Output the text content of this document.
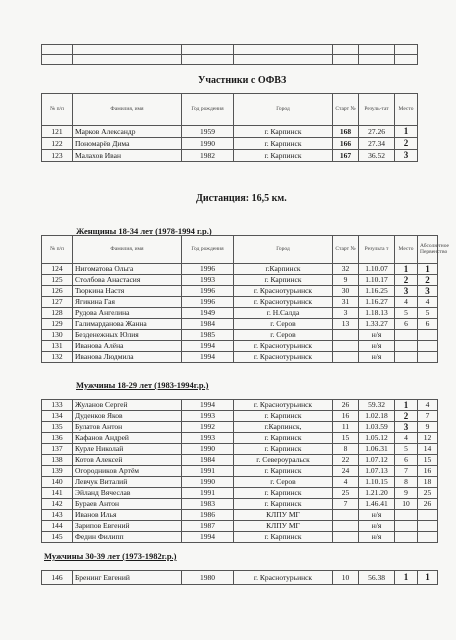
Участники с ОФВЗ
№ п/п	Фамилия, имя	Год рождения	Город	Старт №	Резуль-тат	Место
121	Марков Александр	1959	г. Карпинск	168	27.26	1
122	Пономарёв Дима	1990	г. Карпинск	166	27.34	2
123	Малахов Иван	1982	г. Карпинск	167	36.52	3
Дистанция: 16,5 км.
Женщины 18-34 лет (1978-1994 г.р.)
№ п/п	Фамилия, имя	Год рождения	Город	Старт №	Результа т	Место	Абсолютное Первенство
124	Нигоматова Ольга	1996	г.Карпинск	32	1.10.07	1	1
125	Столбова Анастасия	1993	г. Карпинск	9	1.10.17	2	2
126	Тюркина Настя	1996	г. Краснотурьинск	30	1.16.25	3	3
127	Ягикина Гая	1996	г. Краснотурьинск	31	1.16.27	4	4
128	Рудова Ангелина	1949	г. Н.Салда	3	1.18.13	5	5
129	Галимарданова Жанна	1984	г. Серов	13	1.33.27	6	6
130	Безденежных Юлия	1985	г. Серов		н/я		
131	Иванова Алёна	1994	г. Краснотурьинск		н/я		
132	Иванова Людмила	1994	г. Краснотурьинск		н/я		
Мужчины 18-29 лет (1983-1994г.р.)
133	Жуланов Сергей	1994	г. Краснотурьинск	26	59.32	1	4
134	Дуденков Яков	1993	г. Карпинск	16	1.02.18	2	7
135	Булатов Антон	1992	г.Карпинск,	11	1.03.59	3	9
136	Кафанов Андрей	1993	г. Карпинск	15	1.05.12	4	12
137	Курле Николай	1990	г. Карпинск	8	1.06.31	5	14
138	Котов Алексей	1984	г. Североуральск	22	1.07.12	6	15
139	Огородников Артём	1991	г. Карпинск	24	1.07.13	7	16
140	Левчук Виталий	1990	г. Серов	4	1.10.15	8	18
141	Эйланд Вячеслав	1991	г. Карпинск	25	1.21.20	9	25
142	Бураев Антон	1983	г. Карпинск	7	1.46.41	10	26
143	Иванов Илья	1986	КЛПУ МГ		н/я		
144	Зарипов Евгений	1987	КЛПУ МГ		н/я		
145	Федин Филипп	1994	г. Карпинск		н/я		
Мужчины 30-39 лет (1973-1982г.р.)
146	Бренинг Евгений	1980	г. Краснотурьинск	10	56.38	1	1
